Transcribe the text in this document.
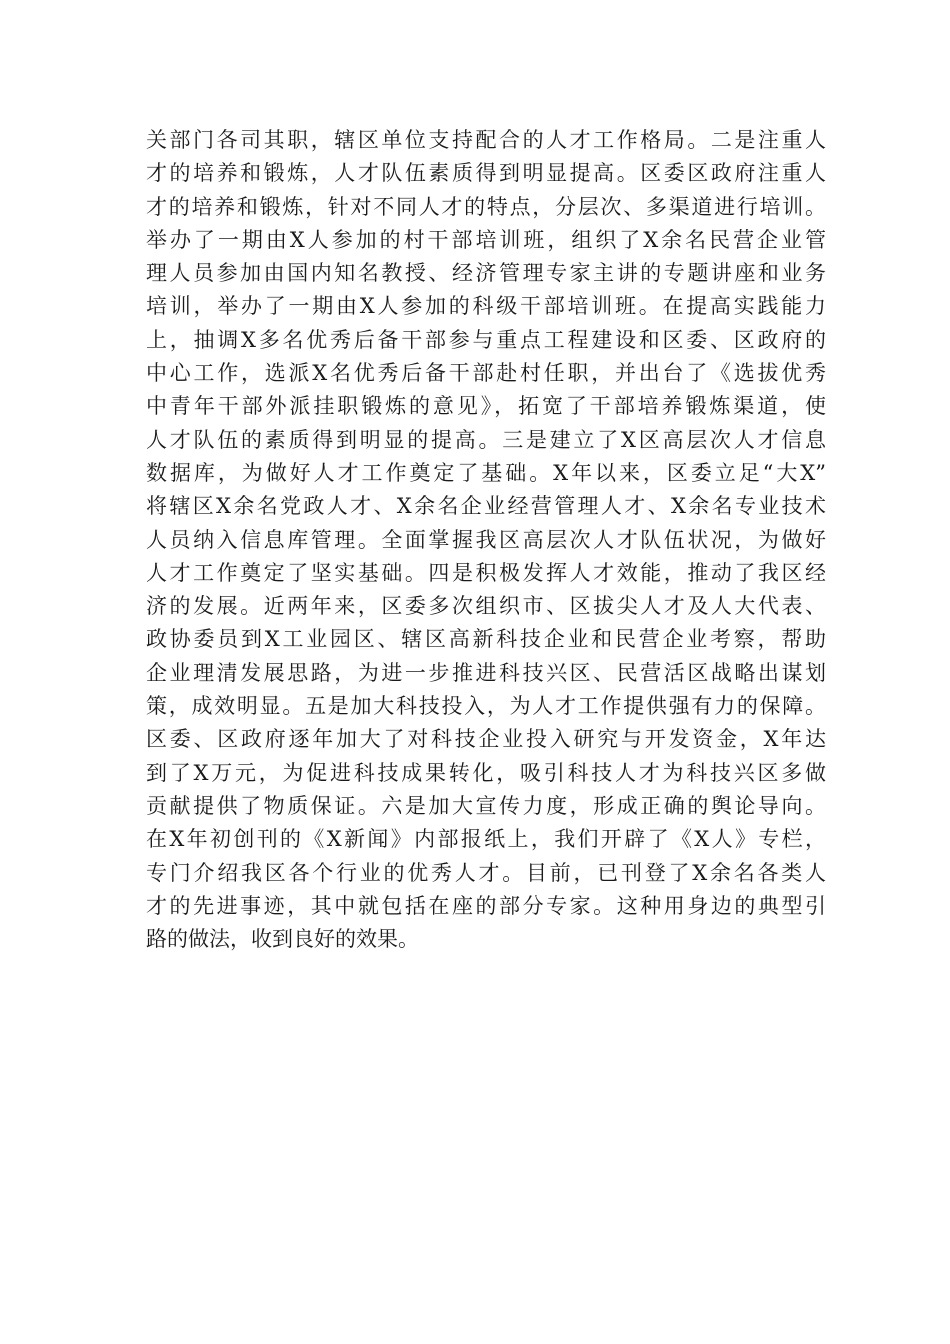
关部门各司其职，辖区单位支持配合的人才工作格局。二是注重人
才的培养和锻炼，人才队伍素质得到明显提高。区委区政府注重人
才的培养和锻炼，针对不同人才的特点，分层次、多渠道进行培训。
举办了一期由X人参加的村干部培训班，组织了X余名民营企业管
理人员参加由国内知名教授、经济管理专家主讲的专题讲座和业务
培训，举办了一期由X人参加的科级干部培训班。在提高实践能力
上，抽调X多名优秀后备干部参与重点工程建设和区委、区政府的
中心工作，选派X名优秀后备干部赴村任职，并出台了《选拔优秀
中青年干部外派挂职锻炼的意见》，拓宽了干部培养锻炼渠道，使
人才队伍的素质得到明显的提高。三是建立了X区高层次人才信息
数据库，为做好人才工作奠定了基础。X年以来，区委立足“大X”
将辖区X余名党政人才、X余名企业经营管理人才、X余名专业技术
人员纳入信息库管理。全面掌握我区高层次人才队伍状况，为做好
人才工作奠定了坚实基础。四是积极发挥人才效能，推动了我区经
济的发展。近两年来，区委多次组织市、区拔尖人才及人大代表、
政协委员到X工业园区、辖区高新科技企业和民营企业考察，帮助
企业理清发展思路，为进一步推进科技兴区、民营活区战略出谋划
策，成效明显。五是加大科技投入，为人才工作提供强有力的保障。
区委、区政府逐年加大了对科技企业投入研究与开发资金，X年达
到了X万元，为促进科技成果转化，吸引科技人才为科技兴区多做
贡献提供了物质保证。六是加大宣传力度，形成正确的舆论导向。
在X年初创刊的《X新闻》内部报纸上，我们开辟了《X人》专栏，
专门介绍我区各个行业的优秀人才。目前，已刊登了X余名各类人
才的先进事迹，其中就包括在座的部分专家。这种用身边的典型引
路的做法，收到良好的效果。
